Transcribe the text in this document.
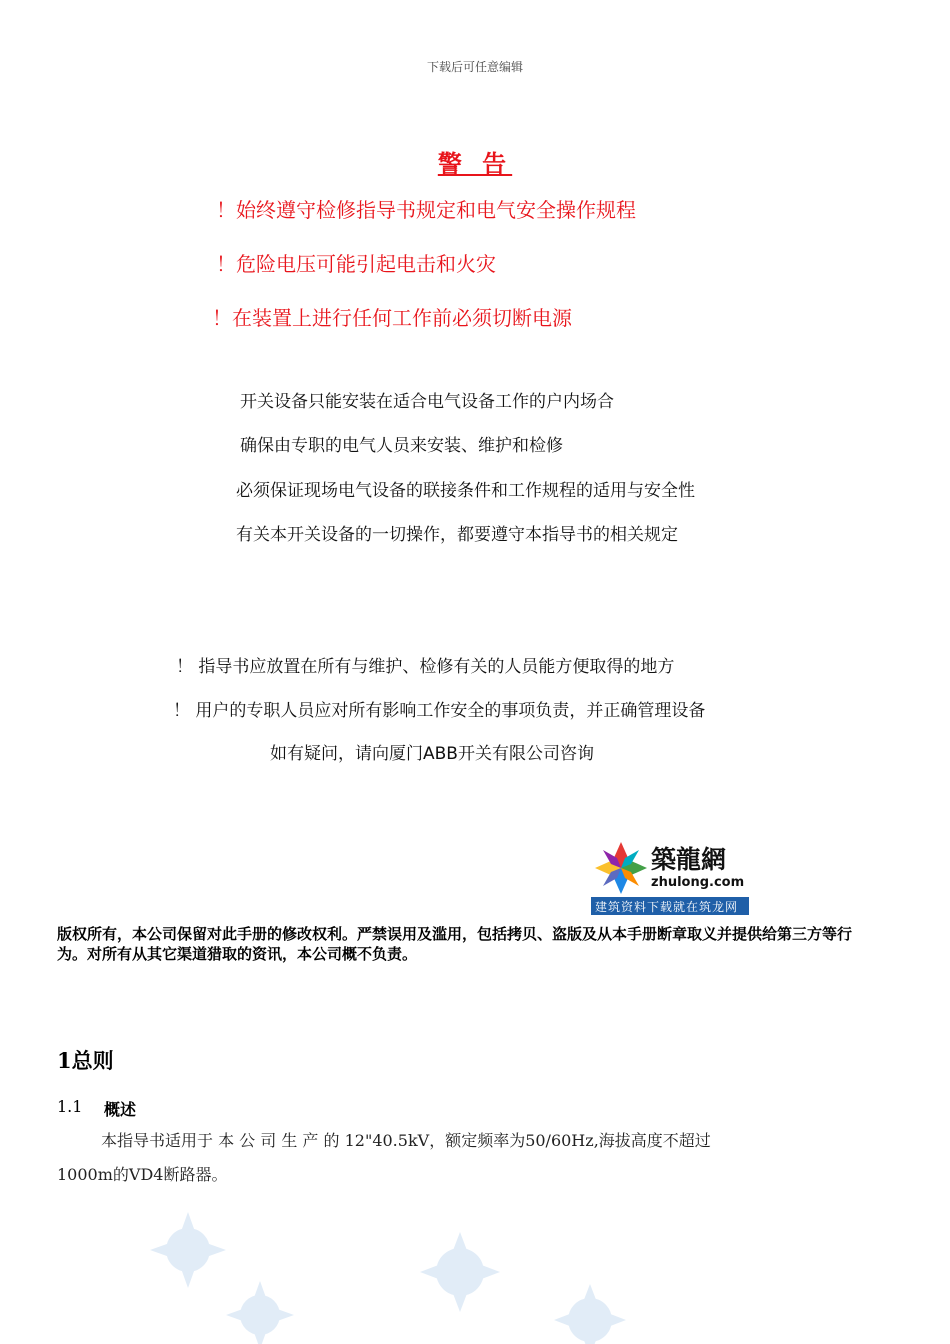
下载后可任意编辑
警 告
！始终遵守检修指导书规定和电气安全操作规程
！危险电压可能引起电击和火灾
！在装置上进行任何工作前必须切断电源
开关设备只能安装在适合电气设备工作的户内场合
确保由专职的电气人员来安装、维护和检修
必须保证现场电气设备的联接条件和工作规程的适用与安全性
有关本开关设备的一切操作，都要遵守本指导书的相关规定
！ 指导书应放置在所有与维护、检修有关的人员能方便取得的地方
！ 用户的专职人员应对所有影响工作安全的事项负责，并正确管理设备
如有疑问，请向厦门ABB开关有限公司咨询
築龍網
zhulong.com
建筑资料下载就在筑龙网
版权所有，本公司保留对此手册的修改权利。严禁误用及滥用，包括拷贝、盗版及从本手册断章取义并提供给第三方等行为。对所有从其它渠道猎取的资讯，本公司概不负责。
1总则
1.1 概述
本指导书适用于 本 公 司 生 产 的 12"40.5kV，额定频率为50/60Hz,海拔高度不超过
1000m的VD4断路器。
